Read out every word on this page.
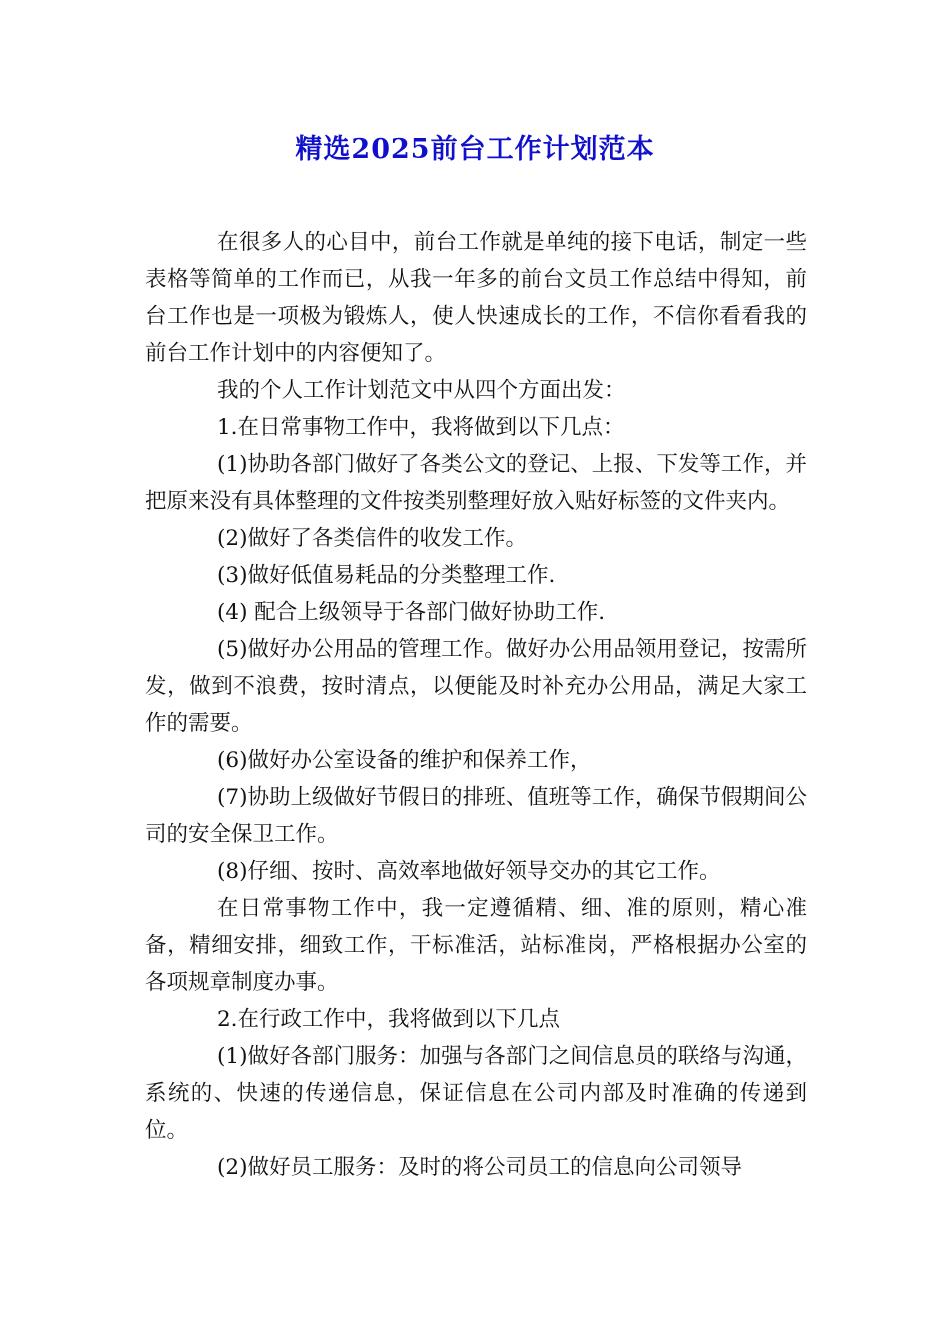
精选2025前台工作计划范本

在很多人的心目中，前台工作就是单纯的接下电话，制定一些表格等简单的工作而已，从我一年多的前台文员工作总结中得知，前台工作也是一项极为锻炼人，使人快速成长的工作，不信你看看我的前台工作计划中的内容便知了。

我的个人工作计划范文中从四个方面出发：

1.在日常事物工作中，我将做到以下几点：

(1)协助各部门做好了各类公文的登记、上报、下发等工作，并把原来没有具体整理的文件按类别整理好放入贴好标签的文件夹内。

(2)做好了各类信件的收发工作。

(3)做好低值易耗品的分类整理工作.

(4) 配合上级领导于各部门做好协助工作.

(5)做好办公用品的管理工作。做好办公用品领用登记，按需所发，做到不浪费，按时清点，以便能及时补充办公用品，满足大家工作的需要。

(6)做好办公室设备的维护和保养工作，

(7)协助上级做好节假日的排班、值班等工作，确保节假期间公司的安全保卫工作。

(8)仔细、按时、高效率地做好领导交办的其它工作。

在日常事物工作中，我一定遵循精、细、准的原则，精心准备，精细安排，细致工作，干标准活，站标准岗，严格根据办公室的各项规章制度办事。

2.在行政工作中，我将做到以下几点

(1)做好各部门服务：加强与各部门之间信息员的联络与沟通，系统的、快速的传递信息，保证信息在公司内部及时准确的传递到位。

(2)做好员工服务：及时的将公司员工的信息向公司领导
